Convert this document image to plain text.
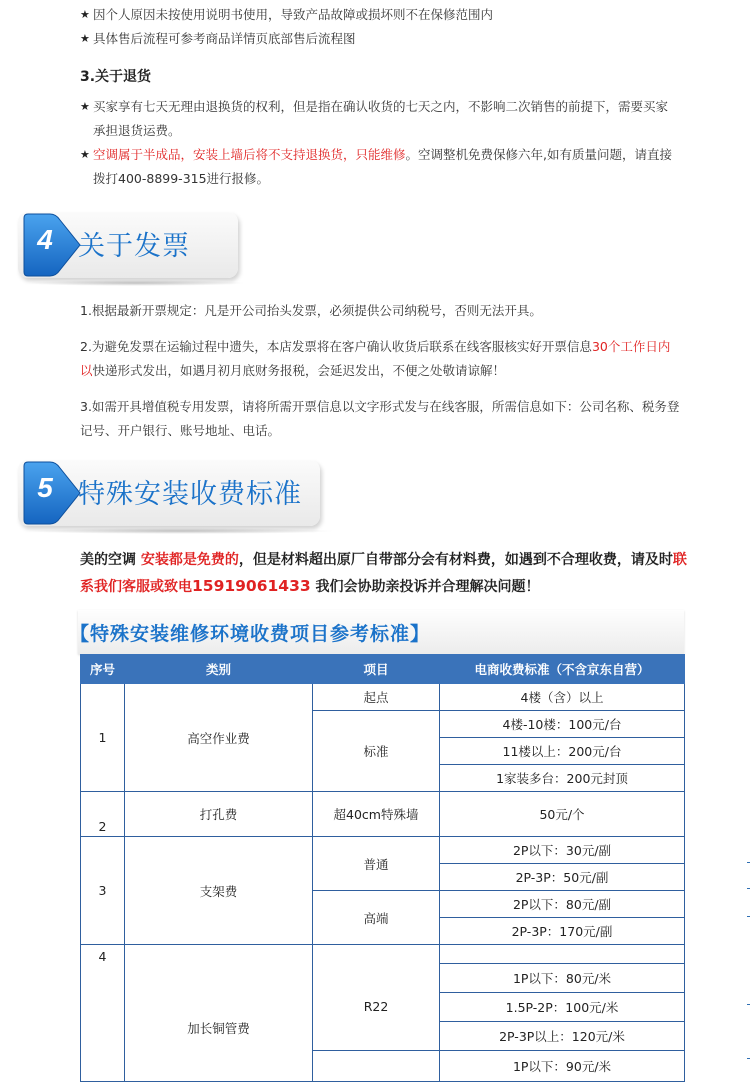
★ 因个人原因未按使用说明书使用，导致产品故障或损坏则不在保修范围内
★ 具体售后流程可参考商品详情页底部售后流程图
3.关于退货
★ 买家享有七天无理由退换货的权利，但是指在确认收货的七天之内，不影响二次销售的前提下，需要买家承担退货运费。
★ 空调属于半成品，安装上墙后将不支持退换货，只能维修。空调整机免费保修六年,如有质量问题，请直接拨打400-8899-315进行报修。
4 关于发票
1.根据最新开票规定：凡是开公司抬头发票，必须提供公司纳税号，否则无法开具。
2.为避免发票在运输过程中遗失，本店发票将在客户确认收货后联系在线客服核实好开票信息30个工作日内以快递形式发出，如遇月初月底财务报税，会延迟发出，不便之处敬请谅解！
3.如需开具增值税专用发票，请将所需开票信息以文字形式发与在线客服，所需信息如下：公司名称、税务登记号、开户银行、账号地址、电话。
5 特殊安装收费标准
美的空调 安装都是免费的，但是材料超出原厂自带部分会有材料费，如遇到不合理收费，请及时联系我们客服或致电15919061433 我们会协助亲投诉并合理解决问题！
【特殊安装维修环境收费项目参考标准】
序号	类别	项目	电商收费标准（不含京东自营）
1	高空作业费	起点	4楼（含）以上
		标准	4楼-10楼：100元/台
			11楼以上：200元/台
			1家装多台：200元封顶
2	打孔费	超40cm特殊墙	50元/个
3	支架费	普通	2P以下：30元/副
			2P-3P：50元/副
		高端	2P以下：80元/副
			2P-3P：170元/副
4	加长铜管费		
		R22	1P以下：80元/米
			1.5P-2P：100元/米
			2P-3P以上：120元/米
			1P以下：90元/米
